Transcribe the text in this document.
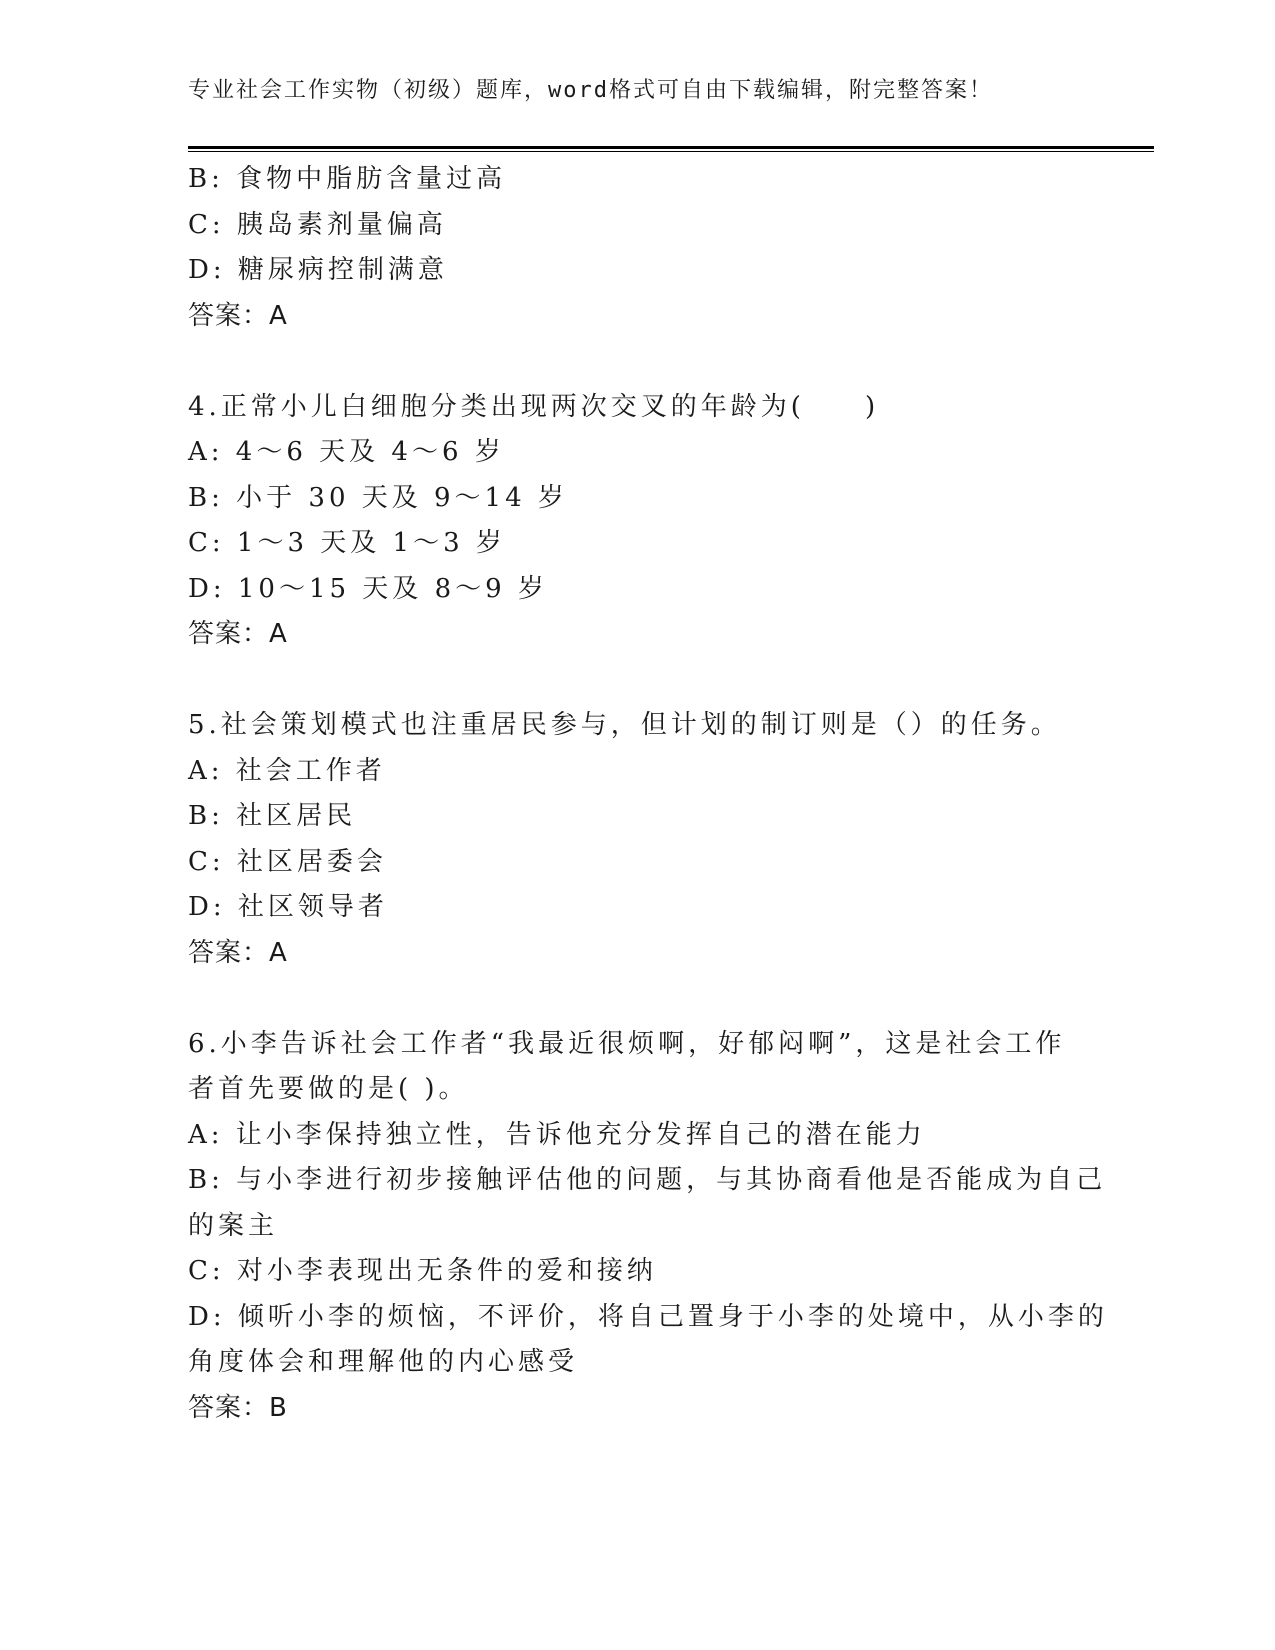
专业社会工作实物（初级）题库，word格式可自由下载编辑，附完整答案！
B: 食物中脂肪含量过高
C: 胰岛素剂量偏高
D: 糖尿病控制满意
答案：A
4.正常小儿白细胞分类出现两次交叉的年龄为(　　)
A: 4～6 天及 4～6 岁
B: 小于 30 天及 9～14 岁
C: 1～3 天及 1～3 岁
D: 10～15 天及 8～9 岁
答案：A
5.社会策划模式也注重居民参与，但计划的制订则是（）的任务。
A: 社会工作者
B: 社区居民
C: 社区居委会
D: 社区领导者
答案：A
6.小李告诉社会工作者“我最近很烦啊，好郁闷啊”，这是社会工作
者首先要做的是( )。
A: 让小李保持独立性，告诉他充分发挥自己的潜在能力
B: 与小李进行初步接触评估他的问题，与其协商看他是否能成为自己
的案主
C: 对小李表现出无条件的爱和接纳
D: 倾听小李的烦恼，不评价，将自己置身于小李的处境中，从小李的
角度体会和理解他的内心感受
答案：B
